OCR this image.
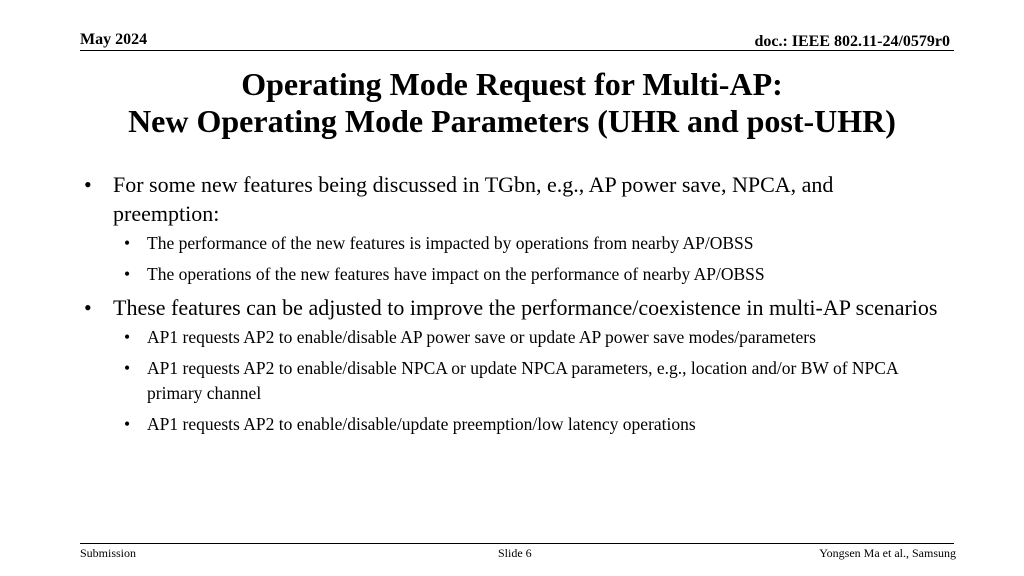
May 2024	doc.: IEEE 802.11-24/0579r0
Operating Mode Request for Multi-AP:
New Operating Mode Parameters (UHR and post-UHR)
• For some new features being discussed in TGbn, e.g., AP power save, NPCA, and preemption:
• The performance of the new features is impacted by operations from nearby AP/OBSS
• The operations of the new features have impact on the performance of nearby AP/OBSS
• These features can be adjusted to improve the performance/coexistence in multi-AP scenarios
• AP1 requests AP2 to enable/disable AP power save or update AP power save modes/parameters
• AP1 requests AP2 to enable/disable NPCA or update NPCA parameters, e.g., location and/or BW of NPCA primary channel
• AP1 requests AP2 to enable/disable/update preemption/low latency operations
Submission	Slide 6	Yongsen Ma et al., Samsung
